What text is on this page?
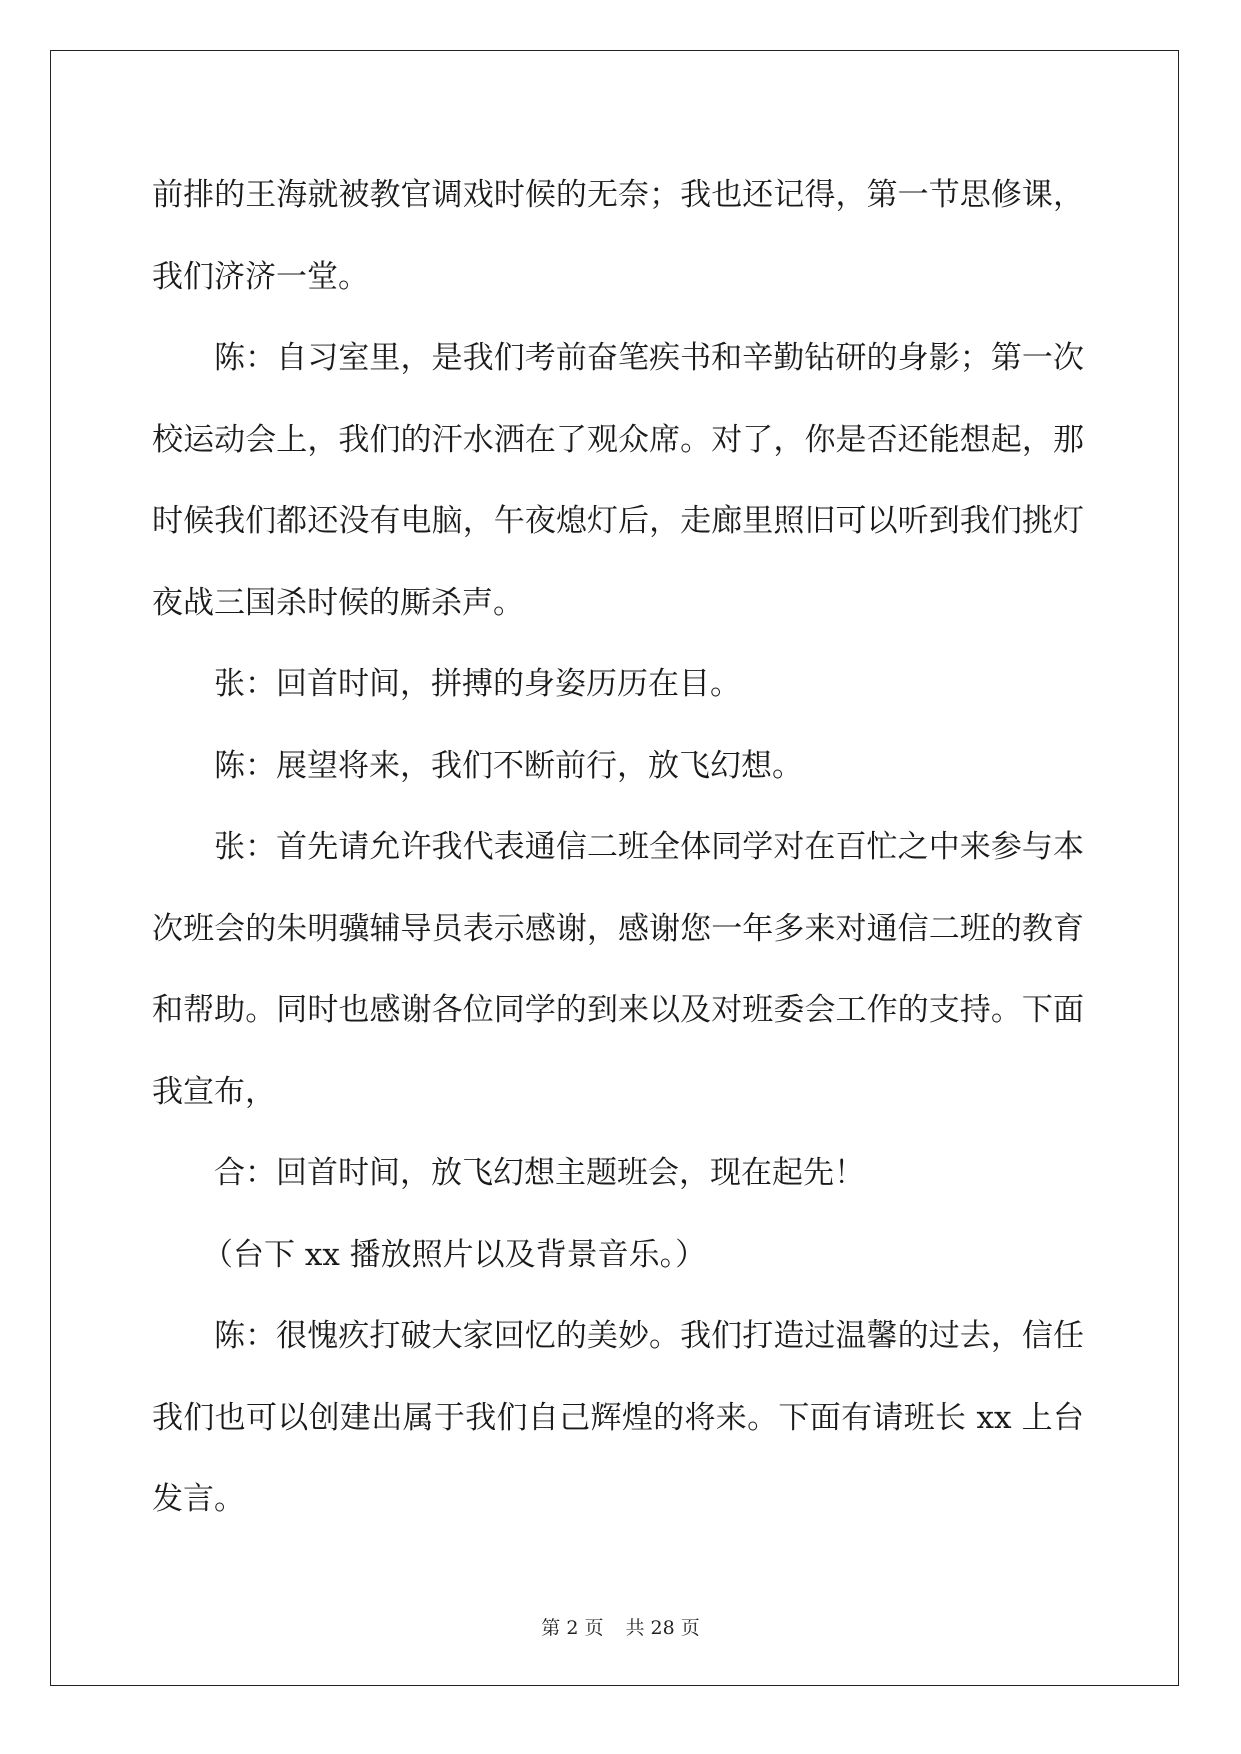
前排的王海就被教官调戏时候的无奈；我也还记得，第一节思修课，我们济济一堂。

陈：自习室里，是我们考前奋笔疾书和辛勤钻研的身影；第一次校运动会上，我们的汗水洒在了观众席。对了，你是否还能想起，那时候我们都还没有电脑，午夜熄灯后，走廊里照旧可以听到我们挑灯夜战三国杀时候的厮杀声。

张：回首时间，拼搏的身姿历历在目。

陈：展望将来，我们不断前行，放飞幻想。

张：首先请允许我代表通信二班全体同学对在百忙之中来参与本次班会的朱明骥辅导员表示感谢，感谢您一年多来对通信二班的教育和帮助。同时也感谢各位同学的到来以及对班委会工作的支持。下面我宣布，

合：回首时间，放飞幻想主题班会，现在起先！

（台下 xx 播放照片以及背景音乐。）

陈：很愧疚打破大家回忆的美妙。我们打造过温馨的过去，信任我们也可以创建出属于我们自己辉煌的将来。下面有请班长 xx 上台发言。

第 2 页 共 28 页
